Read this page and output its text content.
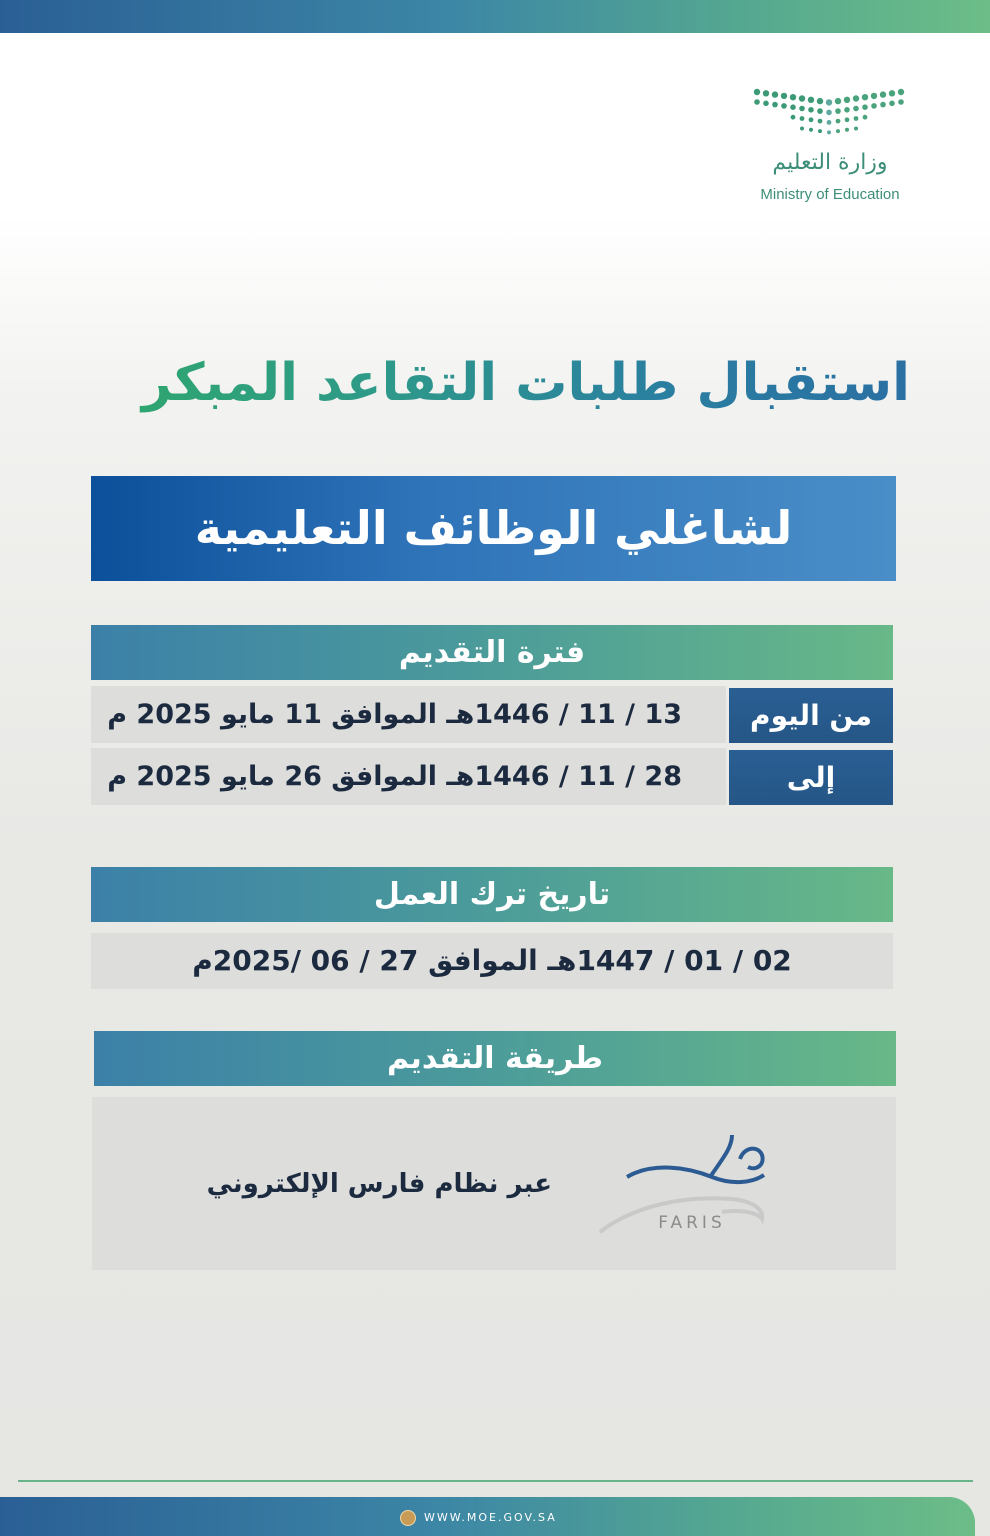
وزارة التعليم
Ministry of Education
استقبال طلبات التقاعد المبكر
لشاغلي الوظائف التعليمية
فترة التقديم
13 / 11 / 1446هـ الموافق 11 مايو 2025 م	من اليوم
28 / 11 / 1446هـ الموافق 26 مايو 2025 م	إلى
تاريخ ترك العمل
02 / 01 / 1447هـ الموافق 27 / 06 /2025م
طريقة التقديم
عبر نظام فارس الإلكتروني
FARIS
WWW.MOE.GOV.SA
